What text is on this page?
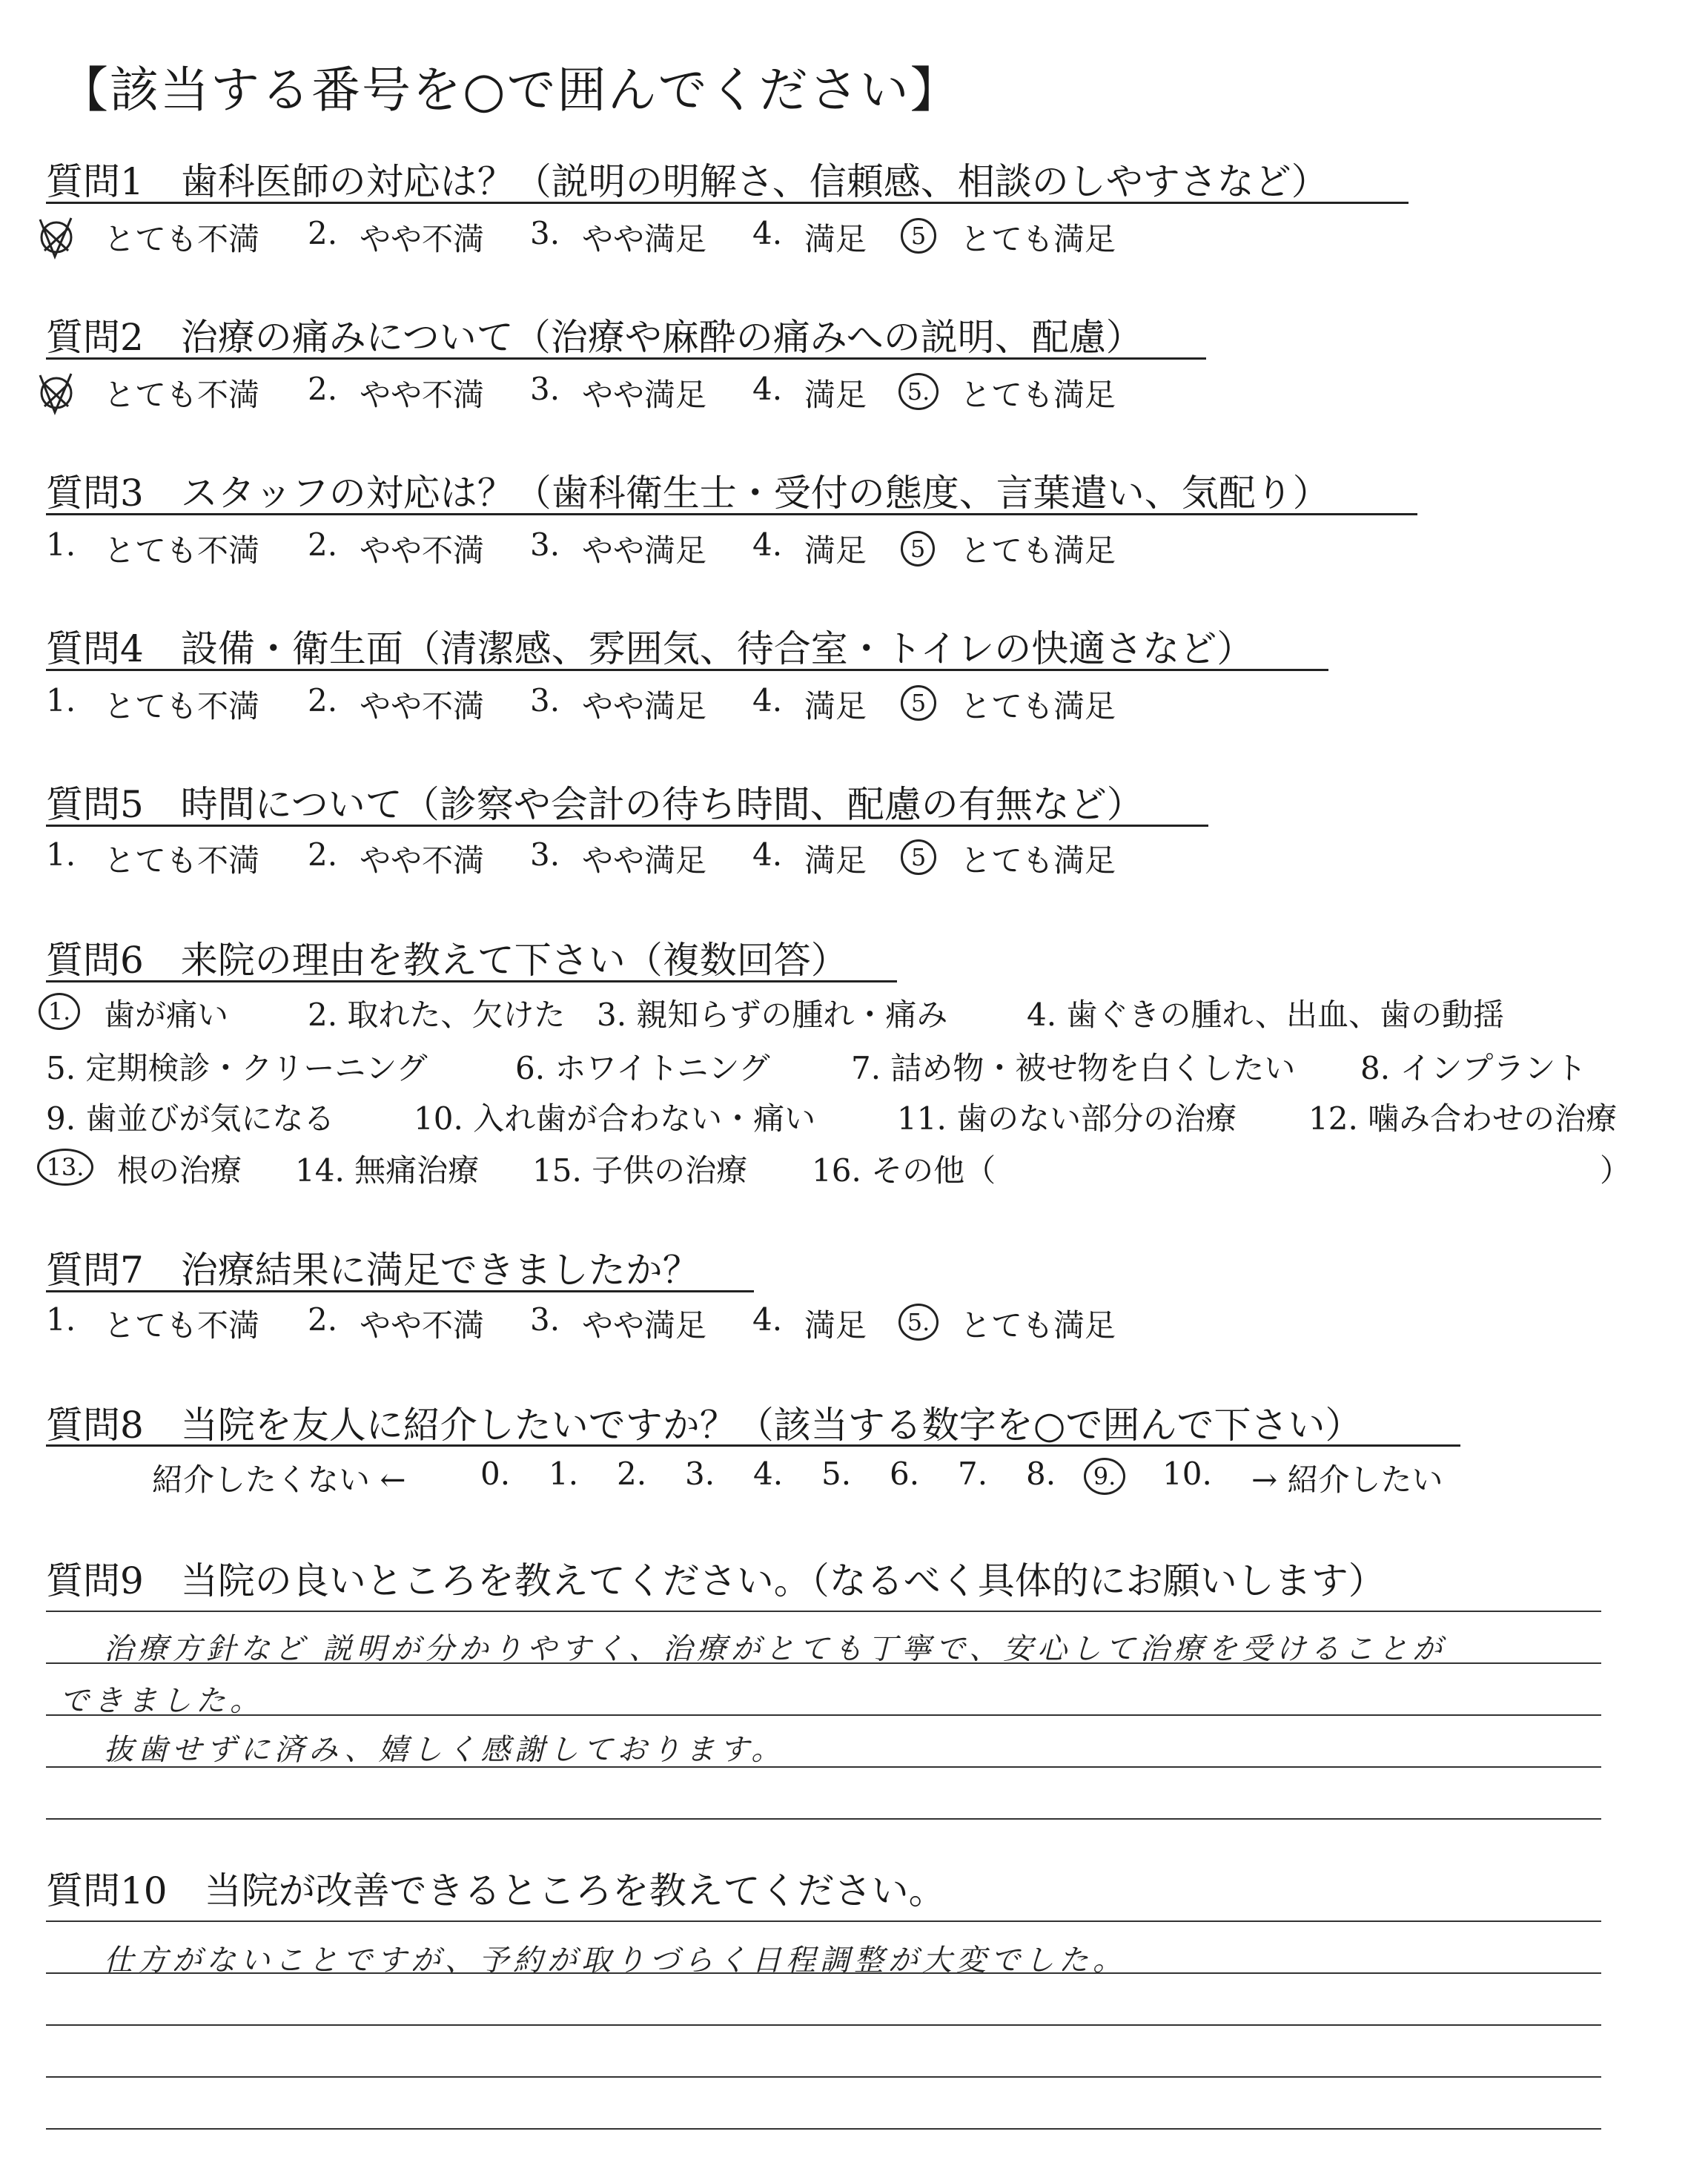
【該当する番号を○で囲んでください】
質問1　歯科医師の対応は？（説明の明解さ、信頼感、相談のしやすさなど）
とても不満 2. やや不満 3. やや満足 4. 満足	5	とても満足
質問2　治療の痛みについて（治療や麻酔の痛みへの説明、配慮）
とても不満 2. やや不満 3. やや満足 4. 満足	5. とても満足
質問3　スタッフの対応は？（歯科衛生士・受付の態度、言葉遣い、気配り）
1. とても不満 2. やや不満 3. やや満足 4. 満足	5	とても満足
質問4　設備・衛生面（清潔感、雰囲気、待合室・トイレの快適さなど）
1. とても不満 2. やや不満 3. やや満足 4. 満足	5	とても満足
質問5　時間について（診察や会計の待ち時間、配慮の有無など）
1. とても不満 2. やや不満 3. やや満足 4. 満足	5	とても満足
質問6　来院の理由を教えて下さい（複数回答）
1.	歯が痛い	2. 取れた、欠けた 3. 親知らずの腫れ・痛み	4. 歯ぐきの腫れ、出血、歯の動揺
5. 定期検診・クリーニング	6. ホワイトニング	7. 詰め物・被せ物を白くしたい 8. インプラント
9. 歯並びが気になる	10. 入れ歯が合わない・痛い	11. 歯のない部分の治療 12. 噛み合わせの治療
13. 根の治療 14. 無痛治療 15. 子供の治療 16. その他（	）
質問7　治療結果に満足できましたか？
1. とても不満 2. やや不満 3. やや満足 4. 満足	5. とても満足
質問8　当院を友人に紹介したいですか？（該当する数字を○で囲んで下さい）
紹介したくない ← 0. 1. 2. 3. 4. 5. 6. 7. 8.	9.	10. → 紹介したい
質問9　当院の良いところを教えてください。（なるべく具体的にお願いします）
治療方針など 説明が分かりやすく、治療がとても丁寧で、安心して治療を受けることが
できました。
抜歯せずに済み、嬉しく感謝しております。
質問10　当院が改善できるところを教えてください。
仕方がないことですが、予約が取りづらく日程調整が大変でした。
